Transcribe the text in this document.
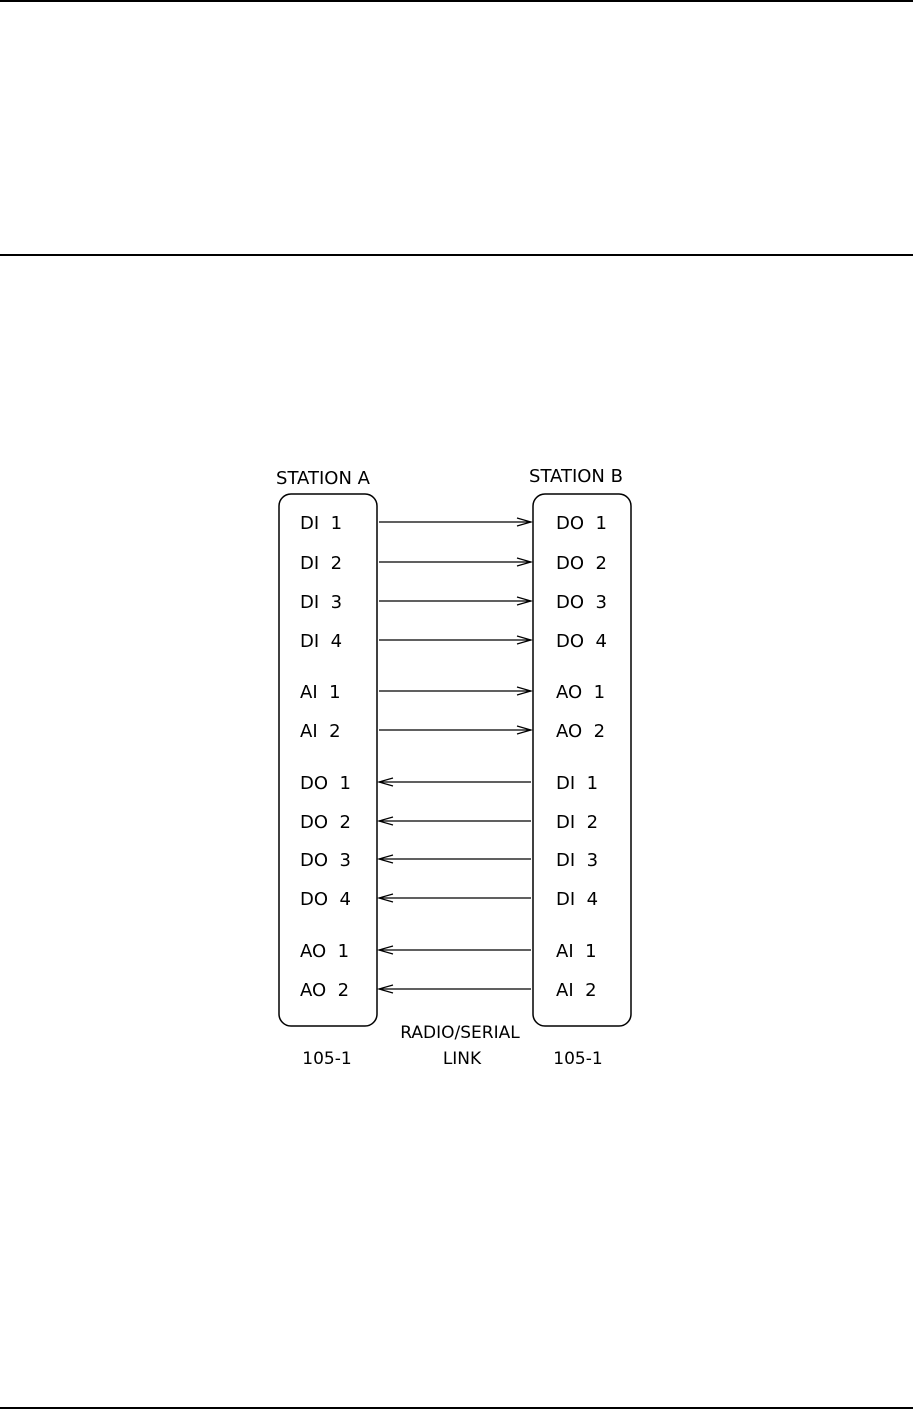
STATION A	STATION B
DI  1
DI  2
DI  3
DI  4
AI  1
AI  2
DO  1
DO  2
DO  3
DO  4
AO  1
AO  2
DO  1
DO  2
DO  3
DO  4
AO  1
AO  2
DI  1
DI  2
DI  3
DI  4
AI  1
AI  2
RADIO/SERIAL
LINK
105-1	105-1
